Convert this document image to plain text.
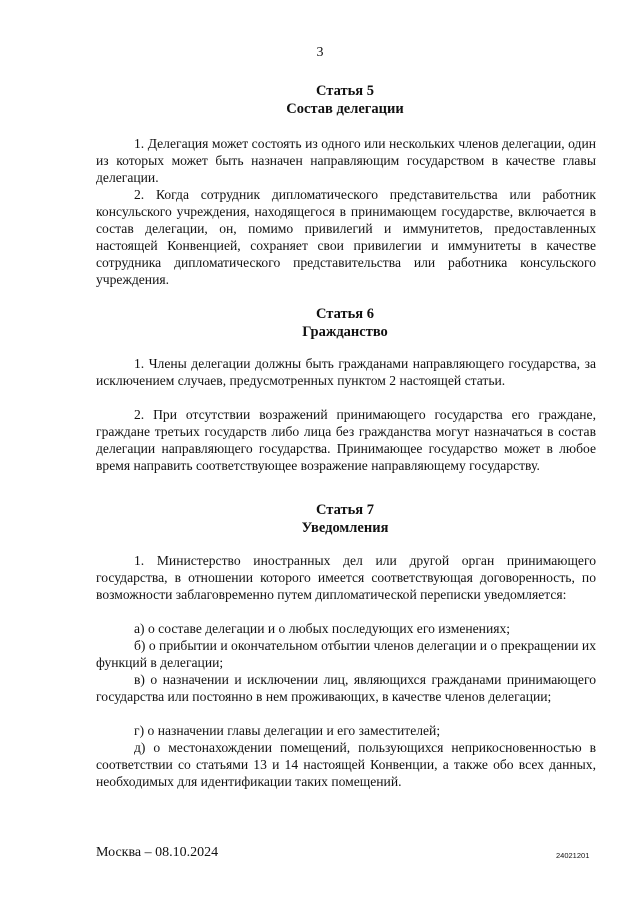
3
Статья 5
Состав делегации
1. Делегация может состоять из одного или нескольких членов делегации, один из которых может быть назначен направляющим государством в качестве главы делегации.
2. Когда сотрудник дипломатического представительства или работник консульского учреждения, находящегося в принимающем государстве, включается в состав делегации, он, помимо привилегий и иммунитетов, предоставленных настоящей Конвенцией, сохраняет свои привилегии и иммунитеты в качестве сотрудника дипломатического представительства или работника консульского учреждения.
Статья 6
Гражданство
1. Члены делегации должны быть гражданами направляющего государства, за исключением случаев, предусмотренных пунктом 2 настоящей статьи.
2. При отсутствии возражений принимающего государства его граждане, граждане третьих государств либо лица без гражданства могут назначаться в состав делегации направляющего государства. Принимающее государство может в любое время направить соответствующее возражение направляющему государству.
Статья 7
Уведомления
1. Министерство иностранных дел или другой орган принимающего государства, в отношении которого имеется соответствующая договоренность, по возможности заблаговременно путем дипломатической переписки уведомляется:
а) о составе делегации и о любых последующих его изменениях;
б) о прибытии и окончательном отбытии членов делегации и о прекращении их функций в делегации;
в) о назначении и исключении лиц, являющихся гражданами принимающего государства или постоянно в нем проживающих, в качестве членов делегации;
г) о назначении главы делегации и его заместителей;
д) о местонахождении помещений, пользующихся неприкосновенностью в соответствии со статьями 13 и 14 настоящей Конвенции, а также обо всех данных, необходимых для идентификации таких помещений.
Москва – 08.10.2024	24021201
